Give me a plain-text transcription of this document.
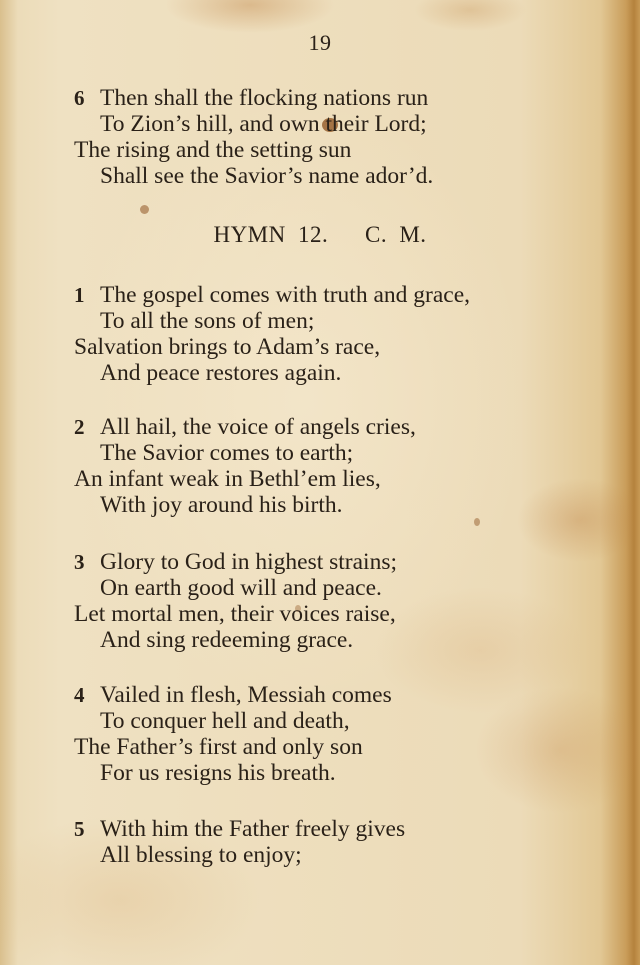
19
6 Then shall the flocking nations run
To Zion’s hill, and own their Lord;
The rising and the setting sun
Shall see the Savior’s name ador’d.
HYMN 12.   C. M.
1 The gospel comes with truth and grace,
To all the sons of men;
Salvation brings to Adam’s race,
And peace restores again.
2 All hail, the voice of angels cries,
The Savior comes to earth;
An infant weak in Bethl’em lies,
With joy around his birth.
3 Glory to God in highest strains;
On earth good will and peace.
Let mortal men, their voices raise,
And sing redeeming grace.
4 Vailed in flesh, Messiah comes
To conquer hell and death,
The Father’s first and only son
For us resigns his breath.
5 With him the Father freely gives
All blessing to enjoy;
